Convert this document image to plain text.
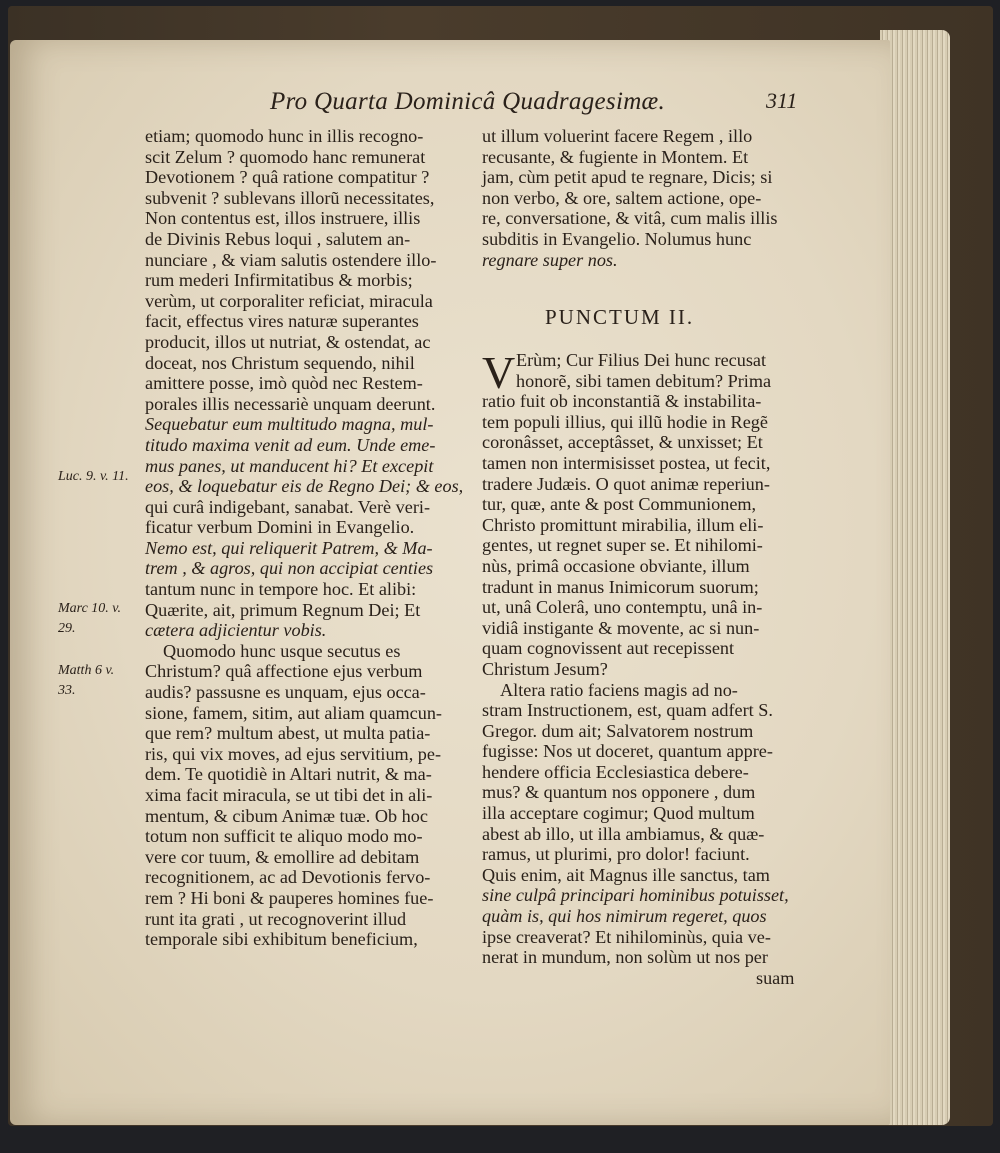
Pro Quarta Dominicâ Quadragesimæ.	311
etiam; quomodo hunc in illis recogno-
scit Zelum ? quomodo hanc remunerat
Devotionem ? quâ ratione compatitur ?
subvenit ? sublevans illorũ necessitates,
Non contentus est, illos instruere, illis
de Divinis Rebus loqui , salutem an-
nunciare , & viam salutis ostendere illo-
rum mederi Infirmitatibus & morbis;
verùm, ut corporaliter reficiat, miracula
facit, effectus vires naturæ superantes
producit, illos ut nutriat, & ostendat, ac
doceat, nos Christum sequendo, nihil
amittere posse, imò quòd nec Restem-
porales illis necessariè unquam deerunt.
Sequebatur eum multitudo magna, mul-
titudo maxima venit ad eum. Unde eme-
mus panes, ut manducent hi? Et excepit
eos, & loquebatur eis de Regno Dei; & eos,
qui curâ indigebant, sanabat. Verè veri-
ficatur verbum Domini in Evangelio.
Nemo est, qui reliquerit Patrem, & Ma-
trem , & agros, qui non accipiat centies
tantum nunc in tempore hoc. Et alibi:
Quærite, ait, primum Regnum Dei; Et
cætera adjicientur vobis.
Quomodo hunc usque secutus es
Christum? quâ affectione ejus verbum
audis? passusne es unquam, ejus occa-
sione, famem, sitim, aut aliam quamcun-
que rem? multum abest, ut multa patia-
ris, qui vix moves, ad ejus servitium, pe-
dem. Te quotidiè in Altari nutrit, & ma-
xima facit miracula, se ut tibi det in ali-
mentum, & cibum Animæ tuæ. Ob hoc
totum non sufficit te aliquo modo mo-
vere cor tuum, & emollire ad debitam
recognitionem, ac ad Devotionis fervo-
rem ? Hi boni & pauperes homines fue-
runt ita grati , ut recognoverint illud
temporale sibi exhibitum beneficium,
ut illum voluerint facere Regem , illo
recusante, & fugiente in Montem. Et
jam, cùm petit apud te regnare, Dicis; si
non verbo, & ore, saltem actione, ope-
re, conversatione, & vitâ, cum malis illis
subditis in Evangelio. Nolumus hunc
regnare super nos.
PUNCTUM II.
V Erùm; Cur Filius Dei hunc recusat
honorẽ, sibi tamen debitum? Prima
ratio fuit ob inconstantiã & instabilita-
tem populi illius, qui illũ hodie in Regẽ
coronâsset, acceptâsset, & unxisset; Et
tamen non intermisisset postea, ut fecit,
tradere Judæis. O quot animæ reperiun-
tur, quæ, ante & post Communionem,
Christo promittunt mirabilia, illum eli-
gentes, ut regnet super se. Et nihilomi-
nùs, primâ occasione obviante, illum
tradunt in manus Inimicorum suorum;
ut, unâ Colerâ, uno contemptu, unâ in-
vidiâ instigante & movente, ac si nun-
quam cognovissent aut recepissent
Christum Jesum?
Altera ratio faciens magis ad no-
stram Instructionem, est, quam adfert S.
Gregor. dum ait; Salvatorem nostrum
fugisse: Nos ut doceret, quantum appre-
hendere officia Ecclesiastica debere-
mus? & quantum nos opponere , dum
illa acceptare cogimur; Quod multum
abest ab illo, ut illa ambiamus, & quæ-
ramus, ut plurimi, pro dolor! faciunt.
Quis enim, ait Magnus ille sanctus, tam
sine culpâ principari hominibus potuisset,
quàm is, qui hos nimirum regeret, quos
ipse creaverat? Et nihilominùs, quia ve-
nerat in mundum, non solùm ut nos per
suam
Luc. 9. v. 11.
Marc 10. v.
29.
Matth 6 v.
33.
